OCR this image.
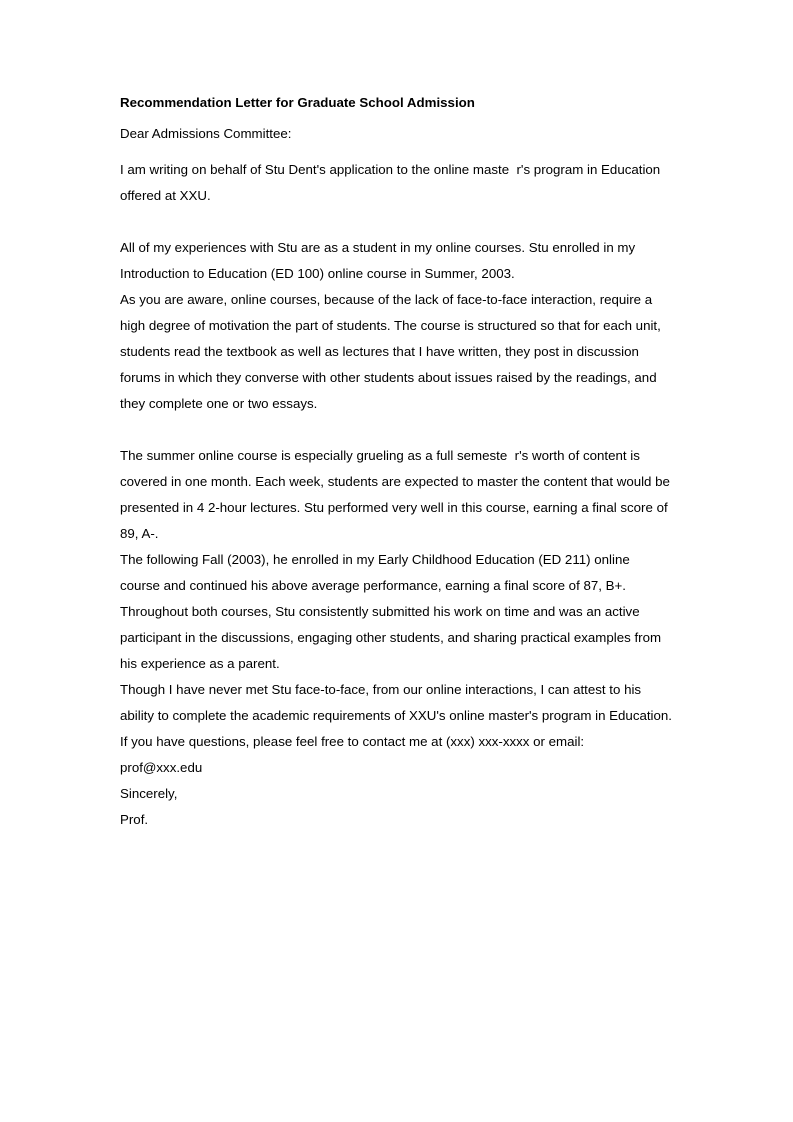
Recommendation Letter for Graduate School Admission
Dear Admissions Committee:
I am writing on behalf of Stu Dent's application to the online maste  r's program in Education
offered at XXU.
All of my experiences with Stu are as a student in my online courses. Stu enrolled in my
Introduction to Education (ED 100) online course in Summer, 2003.
As you are aware, online courses, because of the lack of face-to-face interaction, require a
high degree of motivation the part of students. The course is structured so that for each unit,
students read the textbook as well as lectures that I have written, they post in discussion
forums in which they converse with other students about issues raised by the readings, and
they complete one or two essays.
The summer online course is especially grueling as a full semeste  r's worth of content is
covered in one month. Each week, students are expected to master the content that would be
presented in 4 2-hour lectures. Stu performed very well in this course, earning a final score of
89, A-.
The following Fall (2003), he enrolled in my Early Childhood Education (ED 211) online
course and continued his above average performance, earning a final score of 87, B+.
Throughout both courses, Stu consistently submitted his work on time and was an active
participant in the discussions, engaging other students, and sharing practical examples from
his experience as a parent.
Though I have never met Stu face-to-face, from our online interactions, I can attest to his
ability to complete the academic requirements of XXU's online master's program in Education.
If you have questions, please feel free to contact me at (xxx) xxx-xxxx or email:
prof@xxx.edu
Sincerely,
Prof.
